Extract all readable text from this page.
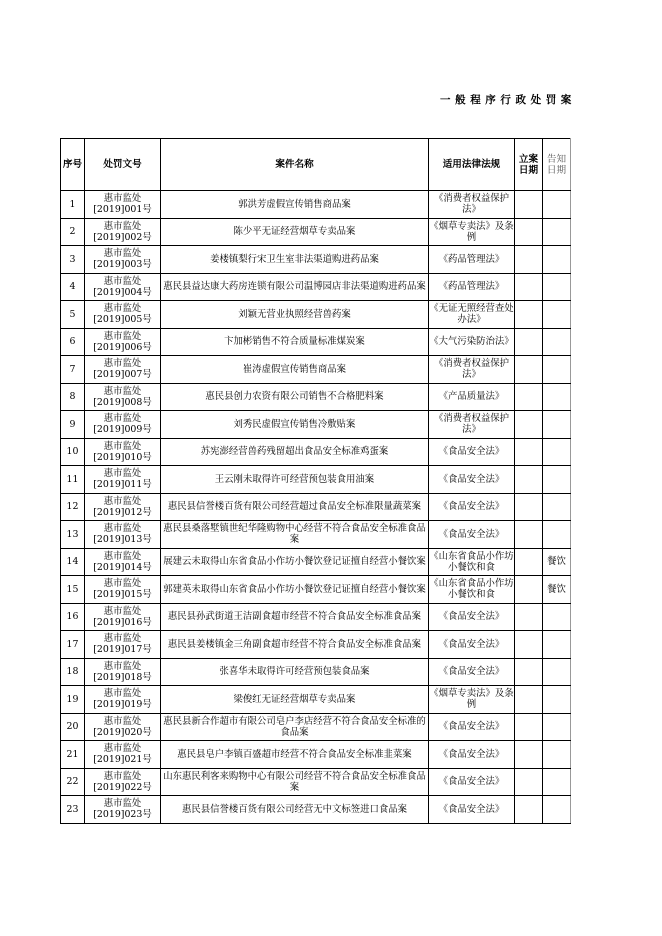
一般程序行政处罚案
序号	处罚文号	案件名称	适用法律法规	立案日期	告知日期
1	惠市监处[2019]001号	郭洪芳虚假宣传销售商品案	《消费者权益保护法》		
2	惠市监处[2019]002号	陈少平无证经营烟草专卖品案	《烟草专卖法》及条例		
3	惠市监处[2019]003号	姜楼镇梨行宋卫生室非法渠道购进药品案	《药品管理法》		
4	惠市监处[2019]004号	惠民县益达康大药房连锁有限公司温博园店非法渠道购进药品案	《药品管理法》		
5	惠市监处[2019]005号	刘颖无营业执照经营兽药案	《无证无照经营查处办法》		
6	惠市监处[2019]006号	卞加彬销售不符合质量标准煤炭案	《大气污染防治法》		
7	惠市监处[2019]007号	崔涛虚假宣传销售商品案	《消费者权益保护法》		
8	惠市监处[2019]008号	惠民县创力农资有限公司销售不合格肥料案	《产品质量法》		
9	惠市监处[2019]009号	刘秀民虚假宣传销售冷敷贴案	《消费者权益保护法》		
10	惠市监处[2019]010号	苏宪澎经营兽药残留超出食品安全标准鸡蛋案	《食品安全法》		
11	惠市监处[2019]011号	王云刚未取得许可经营预包装食用油案	《食品安全法》		
12	惠市监处[2019]012号	惠民县信誉楼百货有限公司经营超过食品安全标准限量蔬菜案	《食品安全法》		
13	惠市监处[2019]013号	惠民县桑落墅镇世纪华隆购物中心经营不符合食品安全标准食品案	《食品安全法》		
14	惠市监处[2019]014号	展建云未取得山东省食品小作坊小餐饮登记证擅自经营小餐饮案	《山东省食品小作坊小餐饮和食		餐饮
15	惠市监处[2019]015号	郭建英未取得山东省食品小作坊小餐饮登记证擅自经营小餐饮案	《山东省食品小作坊小餐饮和食		餐饮
16	惠市监处[2019]016号	惠民县孙武街道王洁副食超市经营不符合食品安全标准食品案	《食品安全法》		
17	惠市监处[2019]017号	惠民县姜楼镇金三角副食超市经营不符合食品安全标准食品案	《食品安全法》		
18	惠市监处[2019]018号	张喜华未取得许可经营预包装食品案	《食品安全法》		
19	惠市监处[2019]019号	梁俊红无证经营烟草专卖品案	《烟草专卖法》及条例		
20	惠市监处[2019]020号	惠民县新合作超市有限公司皂户李店经营不符合食品安全标准的食品案	《食品安全法》		
21	惠市监处[2019]021号	惠民县皂户李镇百盛超市经营不符合食品安全标准韭菜案	《食品安全法》		
22	惠市监处[2019]022号	山东惠民利客来购物中心有限公司经营不符合食品安全标准食品案	《食品安全法》		
23	惠市监处[2019]023号	惠民县信誉楼百货有限公司经营无中文标签进口食品案	《食品安全法》		
